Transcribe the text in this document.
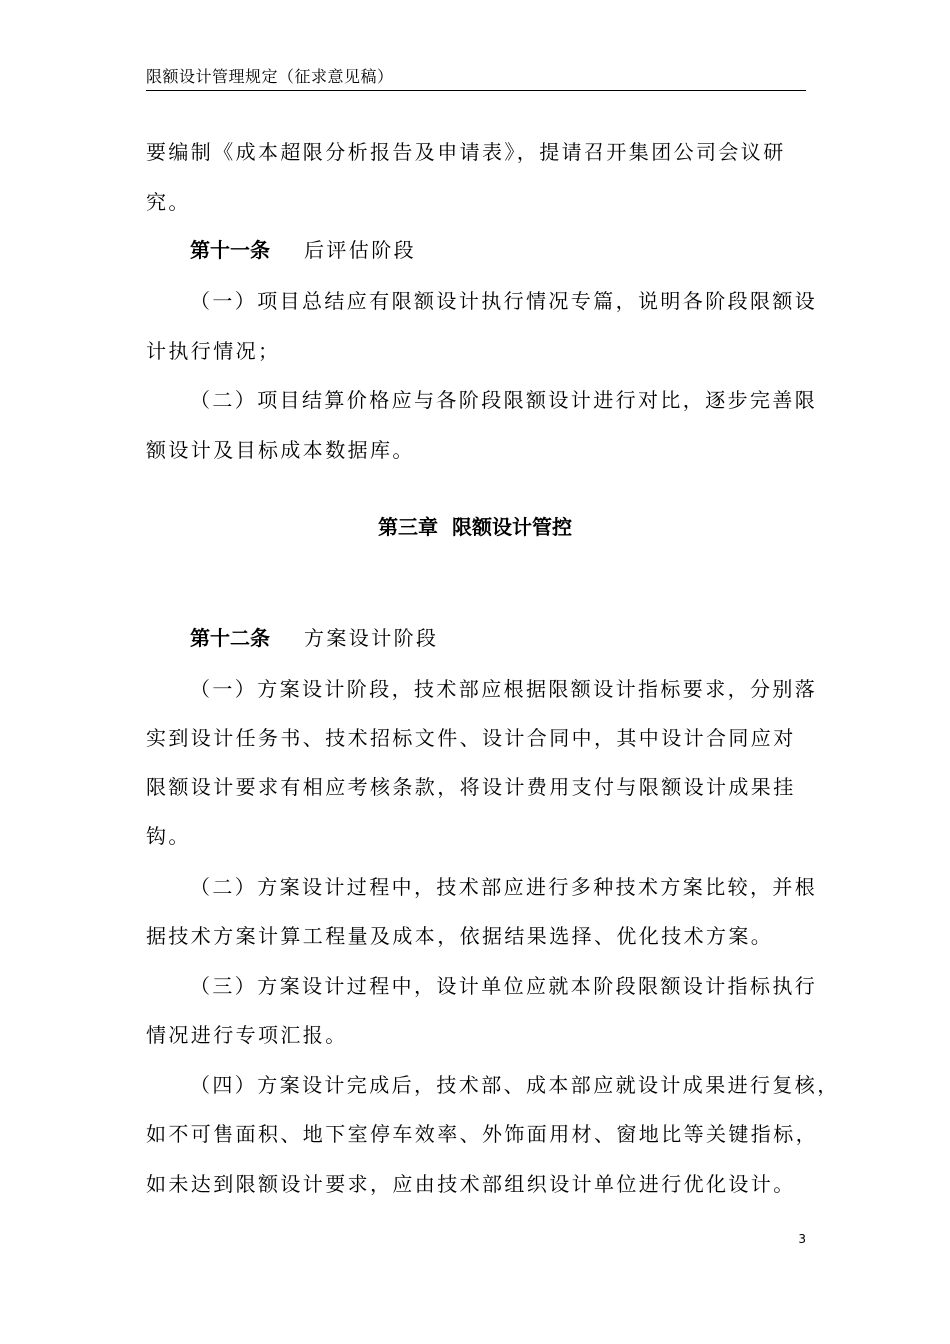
限额设计管理规定（征求意见稿）
要编制《成本超限分析报告及申请表》，提请召开集团公司会议研
究。
第十一条 后评估阶段
（一）项目总结应有限额设计执行情况专篇，说明各阶段限额设
计执行情况；
（二）项目结算价格应与各阶段限额设计进行对比，逐步完善限
额设计及目标成本数据库。
第三章  限额设计管控
第十二条 方案设计阶段
（一）方案设计阶段，技术部应根据限额设计指标要求，分别落
实到设计任务书、技术招标文件、设计合同中，其中设计合同应对
限额设计要求有相应考核条款，将设计费用支付与限额设计成果挂
钩。
（二）方案设计过程中，技术部应进行多种技术方案比较，并根
据技术方案计算工程量及成本，依据结果选择、优化技术方案。
（三）方案设计过程中，设计单位应就本阶段限额设计指标执行
情况进行专项汇报。
（四）方案设计完成后，技术部、成本部应就设计成果进行复核，
如不可售面积、地下室停车效率、外饰面用材、窗地比等关键指标，
如未达到限额设计要求，应由技术部组织设计单位进行优化设计。
3
